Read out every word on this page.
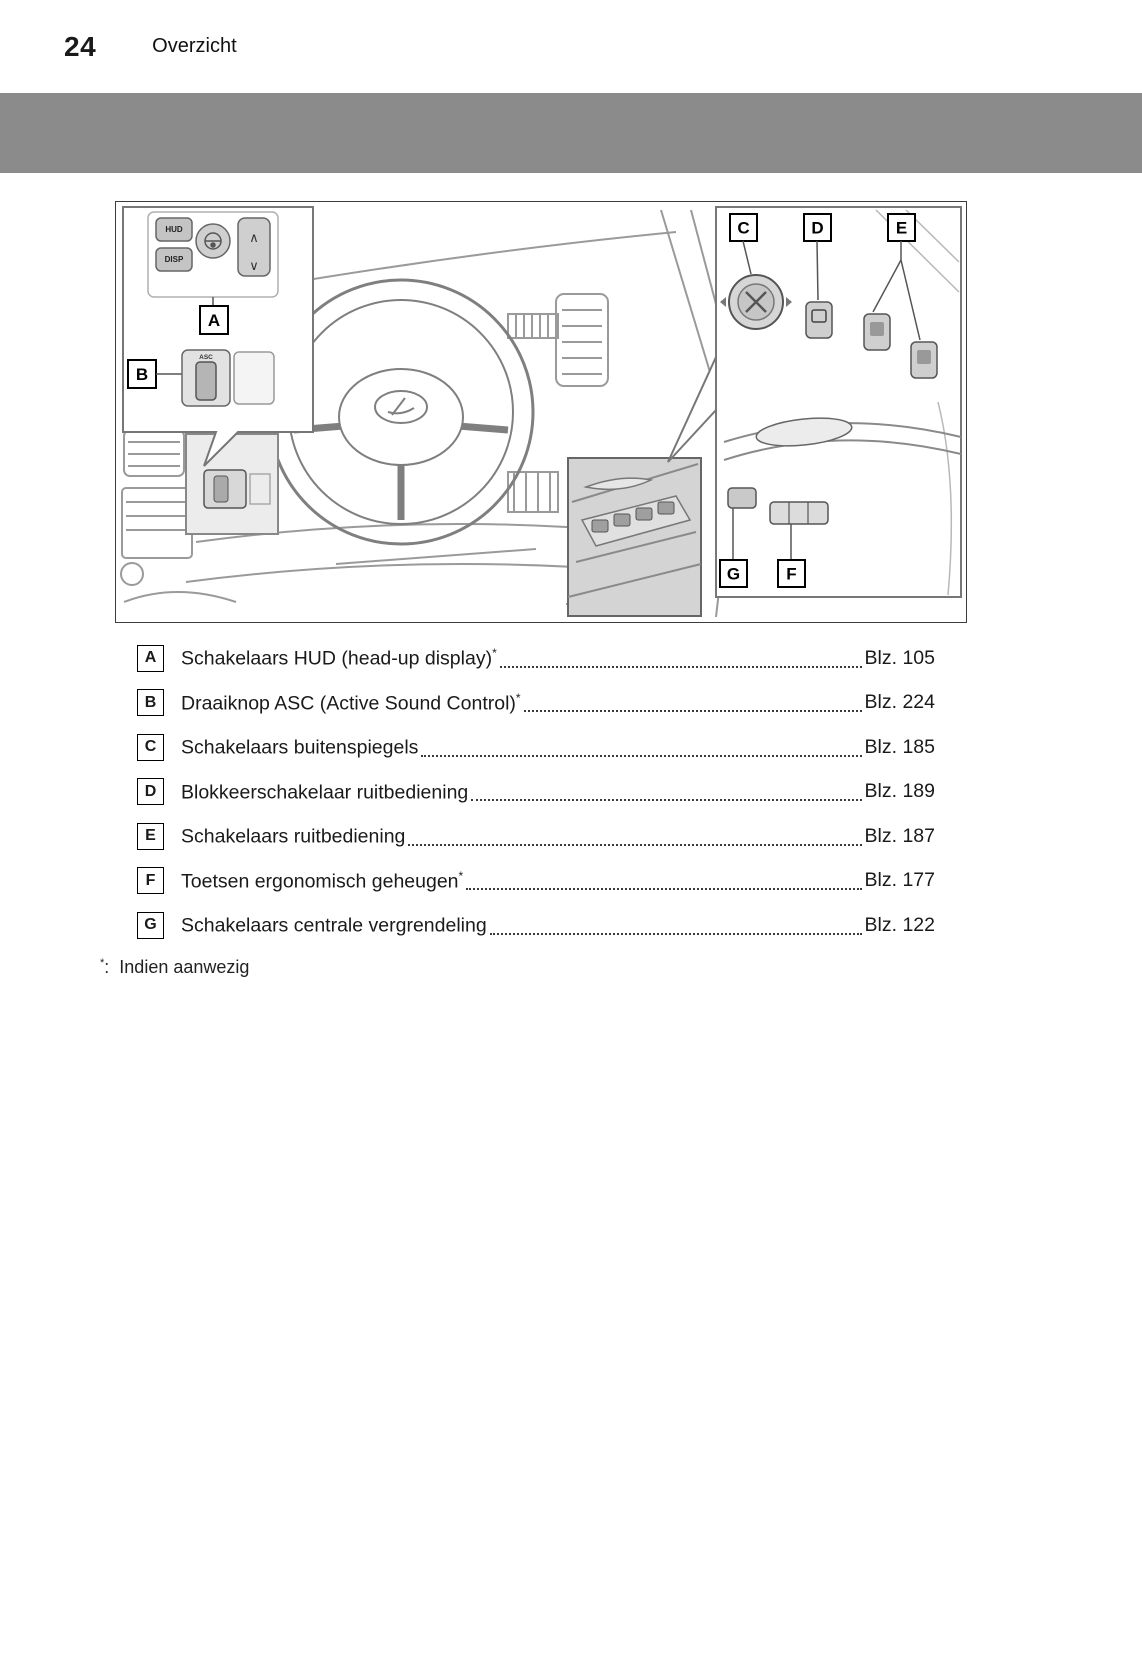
24	Overzicht
HUD
DISP
∧
∨
A
B
ASC
C	D	E
G	F
A	Schakelaars HUD (head-up display)*	Blz. 105
B	Draaiknop ASC (Active Sound Control)*	Blz. 224
C	Schakelaars buitenspiegels	Blz. 185
D	Blokkeerschakelaar ruitbediening	Blz. 189
E	Schakelaars ruitbediening	Blz. 187
F	Toetsen ergonomisch geheugen*	Blz. 177
G	Schakelaars centrale vergrendeling	Blz. 122
*: Indien aanwezig
